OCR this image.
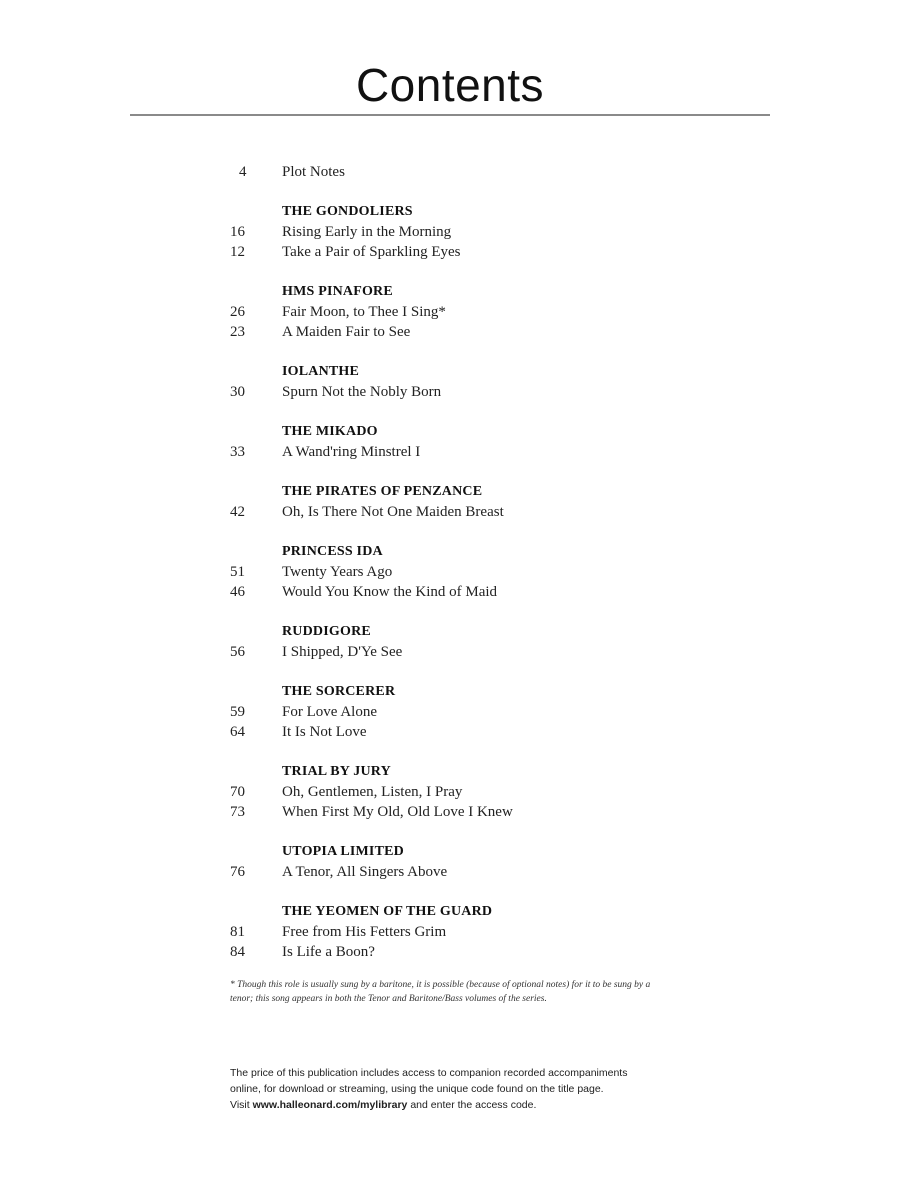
Contents
4	Plot Notes
THE GONDOLIERS
16	Rising Early in the Morning
12	Take a Pair of Sparkling Eyes
HMS PINAFORE
26	Fair Moon, to Thee I Sing*
23	A Maiden Fair to See
IOLANTHE
30	Spurn Not the Nobly Born
THE MIKADO
33	A Wand'ring Minstrel I
THE PIRATES OF PENZANCE
42	Oh, Is There Not One Maiden Breast
PRINCESS IDA
51	Twenty Years Ago
46	Would You Know the Kind of Maid
RUDDIGORE
56	I Shipped, D'Ye See
THE SORCERER
59	For Love Alone
64	It Is Not Love
TRIAL BY JURY
70	Oh, Gentlemen, Listen, I Pray
73	When First My Old, Old Love I Knew
UTOPIA LIMITED
76	A Tenor, All Singers Above
THE YEOMEN OF THE GUARD
81	Free from His Fetters Grim
84	Is Life a Boon?
* Though this role is usually sung by a baritone, it is possible (because of optional notes) for it to be sung by a tenor; this song appears in both the Tenor and Baritone/Bass volumes of the series.

The price of this publication includes access to companion recorded accompaniments

online, for download or streaming, using the unique code found on the title page.

Visit www.halleonard.com/mylibrary and enter the access code.
